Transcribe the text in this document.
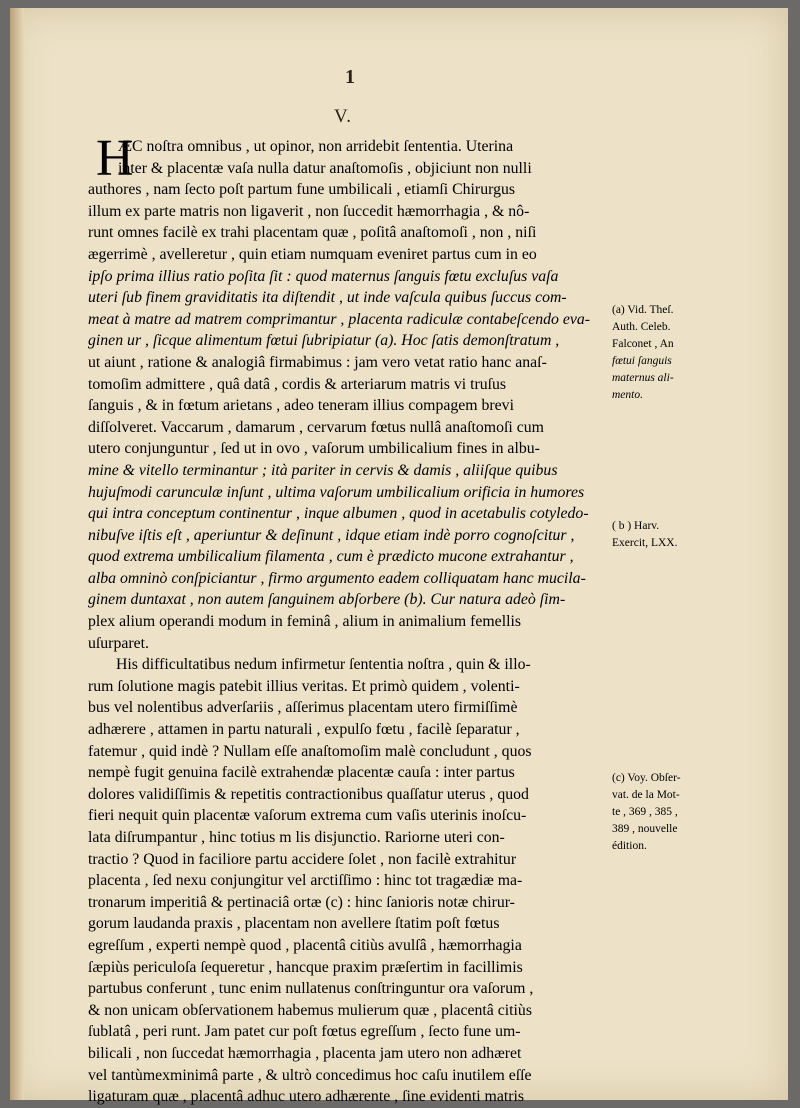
1
V.
H
ÆC noſtra omnibus , ut opinor, non arridebit ſententia. Uterina
inter & placentæ vaſa nulla datur anaſtomoſis , objiciunt non nulli
authores , nam ſecto poſt partum fune umbilicali , etiamſi Chirurgus
illum ex parte matris non ligaverit , non ſuccedit hæmorrhagia , & nô-
runt omnes facilè ex trahi placentam quæ , poſitâ anaſtomoſi , non , niſi
ægerrimè , avelleretur , quin etiam numquam eveniret partus cum in eo
ipſo prima illius ratio poſita ſit : quod maternus ſanguis fœtu excluſus vaſa
uteri ſub finem graviditatis ita diſtendit , ut inde vaſcula quibus ſuccus com-
meat à matre ad matrem comprimantur , placenta radiculæ contabeſcendo eva-
ginen ur , ſicque alimentum fœtui ſubripiatur (a). Hoc ſatis demonſtratum ,
ut aiunt , ratione & analogiâ firmabimus : jam vero vetat ratio hanc anaſ-
tomoſim admittere , quâ datâ , cordis & arteriarum matris vi truſus
ſanguis , & in fœtum arietans , adeo teneram illius compagem brevi
diſſolveret. Vaccarum , damarum , cervarum fœtus nullâ anaſtomoſi cum
utero conjunguntur , ſed ut in ovo , vaſorum umbilicalium fines in albu-
mine & vitello terminantur ; ità pariter in cervis & damis , aliiſque quibus
hujuſmodi carunculæ inſunt , ultima vaſorum umbilicalium orificia in humores
qui intra conceptum continentur , inque albumen , quod in acetabulis cotyledo-
nibuſve iſtis eſt , aperiuntur & deſinunt , idque etiam indè porro cognoſcitur ,
quod extrema umbilicalium filamenta , cum è prædicto mucone extrahantur ,
alba omninò conſpiciantur , firmo argumento eadem colliquatam hanc mucila-
ginem duntaxat , non autem ſanguinem abſorbere (b). Cur natura adeò ſim-
plex alium operandi modum in feminâ , alium in animalium femellis
uſurparet.
His difficultatibus nedum infirmetur ſententia noſtra , quin & illo-
rum ſolutione magis patebit illius veritas. Et primò quidem , volenti-
bus vel nolentibus adverſariis , aſſerimus placentam utero firmiſſimè
adhærere , attamen in partu naturali , expulſo fœtu , facilè ſeparatur ,
fatemur , quid indè ? Nullam eſſe anaſtomoſim malè concludunt , quos
nempè fugit genuina facilè extrahendæ placentæ cauſa : inter partus
dolores validiſſimis & repetitis contractionibus quaſſatur uterus , quod
fieri nequit quin placentæ vaſorum extrema cum vaſis uterinis inoſcu-
lata diſrumpantur , hinc totius m lis disjunctio. Rariorne uteri con-
tractio ? Quod in faciliore partu accidere ſolet , non facilè extrahitur
placenta , ſed nexu conjungitur vel arctiſſimo : hinc tot tragædiæ ma-
tronarum imperitiâ & pertinaciâ ortæ (c) : hinc ſanioris notæ chirur-
gorum laudanda praxis , placentam non avellere ſtatim poſt fœtus
egreſſum , experti nempè quod , placentâ citiùs avulſâ , hæmorrhagia
ſæpiùs periculoſa ſequeretur , hancque praxim præſertim in facillimis
partubus conferunt , tunc enim nullatenus conſtringuntur ora vaſorum ,
& non unicam obſervationem habemus mulierum quæ , placentâ citiùs
ſublatâ , peri runt. Jam patet cur poſt fœtus egreſſum , ſecto fune um-
bilicali , non ſuccedat hæmorrhagia , placenta jam utero non adhæret
vel tantùmexminimâ parte , & ultrò concedimus hoc caſu inutilem eſſe
ligaturam quæ , placentâ adhuc utero adhærente , ſine evidenti matris
(a) Vid. Theſ.
Auth. Celeb.
Falconet , An
fœtui ſanguis
maternus ali-
mento.
( b ) Harv.
Exercit, LXX.
(c) Voy. Obſer-
vat. de la Mot-
te , 369 , 385 ,
389 , nouvelle
édition.
